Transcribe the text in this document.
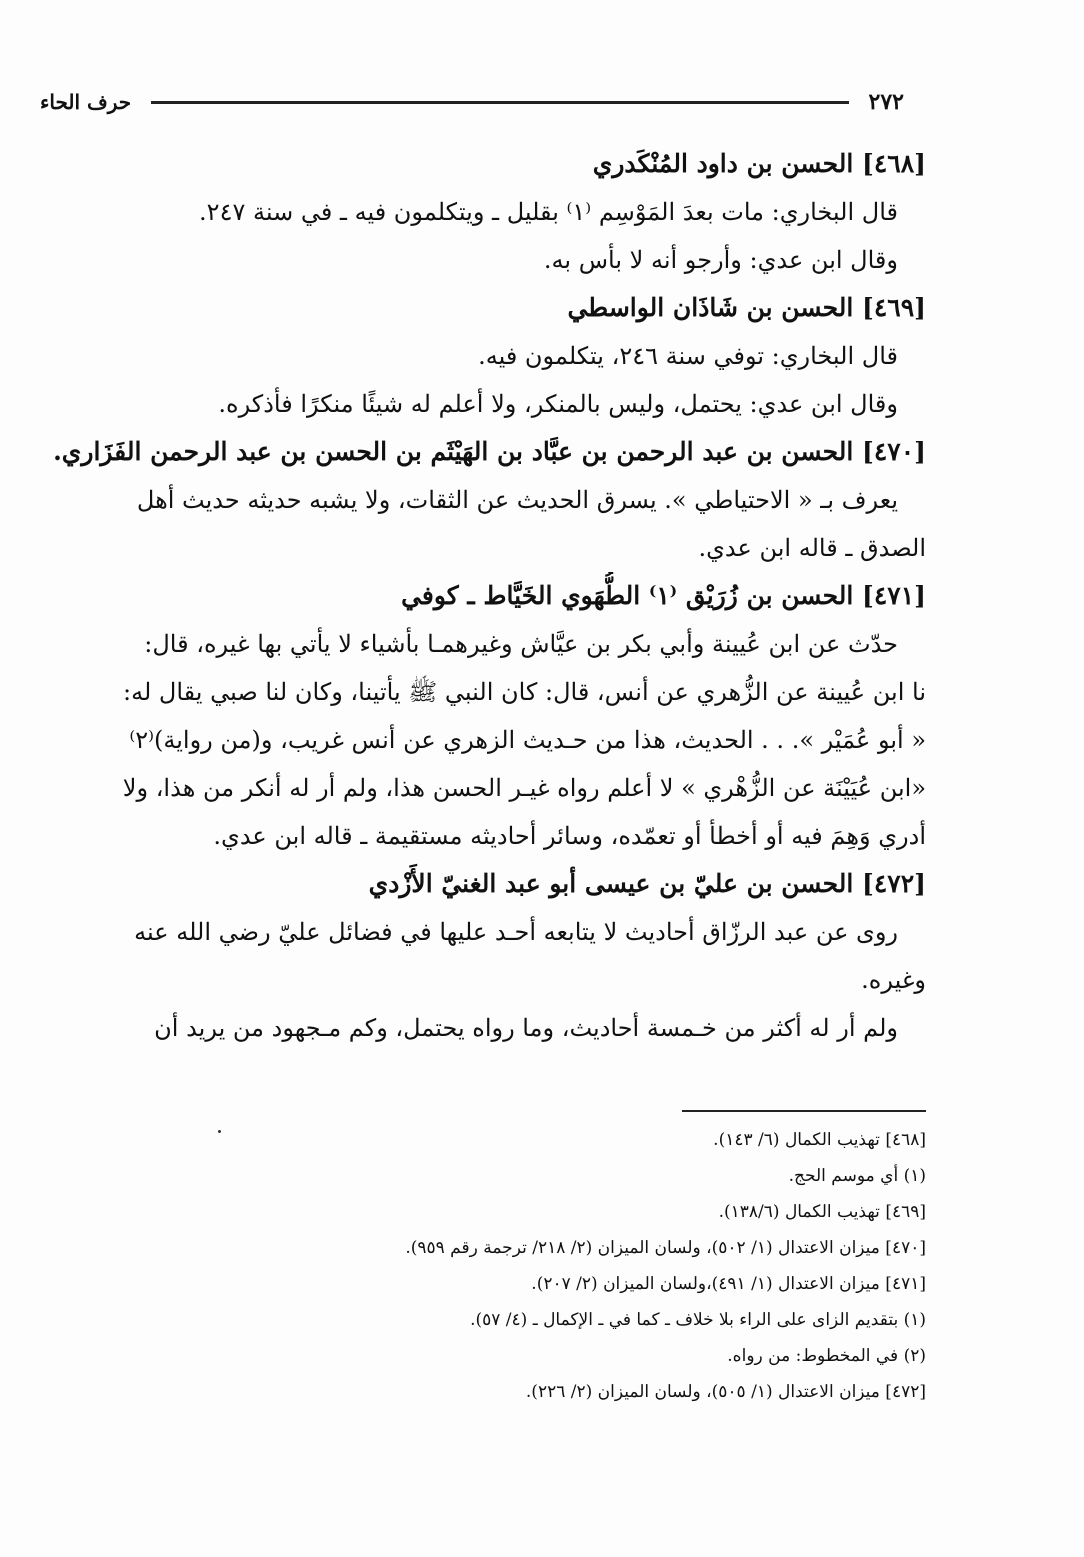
٢٧٢
حرف الحاء
[٤٦٨] الحسن بن داود المُنْكَدري
قال البخاري: مات بعدَ المَوْسِم ⁽١⁾ بقليل ـ ويتكلمون فيه ـ في سنة ٢٤٧.
وقال ابن عدي: وأرجو أنه لا بأس به.
[٤٦٩] الحسن بن شَاذَان الواسطي
قال البخاري: توفي سنة ٢٤٦، يتكلمون فيه.
وقال ابن عدي: يحتمل، وليس بالمنكر، ولا أعلم له شيئًا منكرًا فأذكره.
[٤٧٠] الحسن بن عبد الرحمن بن عبَّاد بن الهَيْثَم بن الحسن بن عبد الرحمن الفَزَاري.
يعرف بـ « الاحتياطي ». يسرق الحديث عن الثقات، ولا يشبه حديثه حديث أهل
الصدق ـ قاله ابن عدي.
[٤٧١] الحسن بن زُرَيْق ⁽١⁾ الطُّهَوي الخَيَّاط ـ كوفي
حدّث عن ابن عُيينة وأبي بكر بن عيَّاش وغيرهمـا بأشياء لا يأتي بها غيره، قال:
نا ابن عُيينة عن الزُّهري عن أنس، قال: كان النبي ﷺ يأتينا، وكان لنا صبي يقال له:
« أبو عُمَيْر ». . . الحديث، هذا من حـديث الزهري عن أنس غريب، و(من رواية)⁽٢⁾
«ابن عُيَيْنَة عن الزُّهْري » لا أعلم رواه غيـر الحسن هذا، ولم أر له أنكر من هذا، ولا
أدري وَهِمَ فيه أو أخطأ أو تعمّده، وسائر أحاديثه مستقيمة ـ قاله ابن عدي.
[٤٧٢] الحسن بن عليّ بن عيسى أبو عبد الغنيّ الأَزْدي
روى عن عبد الرزّاق أحاديث لا يتابعه أحـد عليها في فضائل عليّ رضي الله عنه
وغيره.
ولم أر له أكثر من خـمسة أحاديث، وما رواه يحتمل، وكم مـجهود من يريد أن
[٤٦٨] تهذيب الكمال (٦/ ١٤٣).
(١) أي موسم الحج.
[٤٦٩] تهذيب الكمال (١٣٨/٦).
[٤٧٠] ميزان الاعتدال (١/ ٥٠٢)، ولسان الميزان (٢/ ٢١٨/ ترجمة رقم ٩٥٩).
[٤٧١] ميزان الاعتدال (١/ ٤٩١)،ولسان الميزان (٢/ ٢٠٧).
(١) بتقديم الزاى على الراء بلا خلاف ـ كما في ـ الإكمال ـ (٤/ ٥٧).
(٢) في المخطوط: من رواه.
[٤٧٢] ميزان الاعتدال (١/ ٥٠٥)، ولسان الميزان (٢/ ٢٢٦).
